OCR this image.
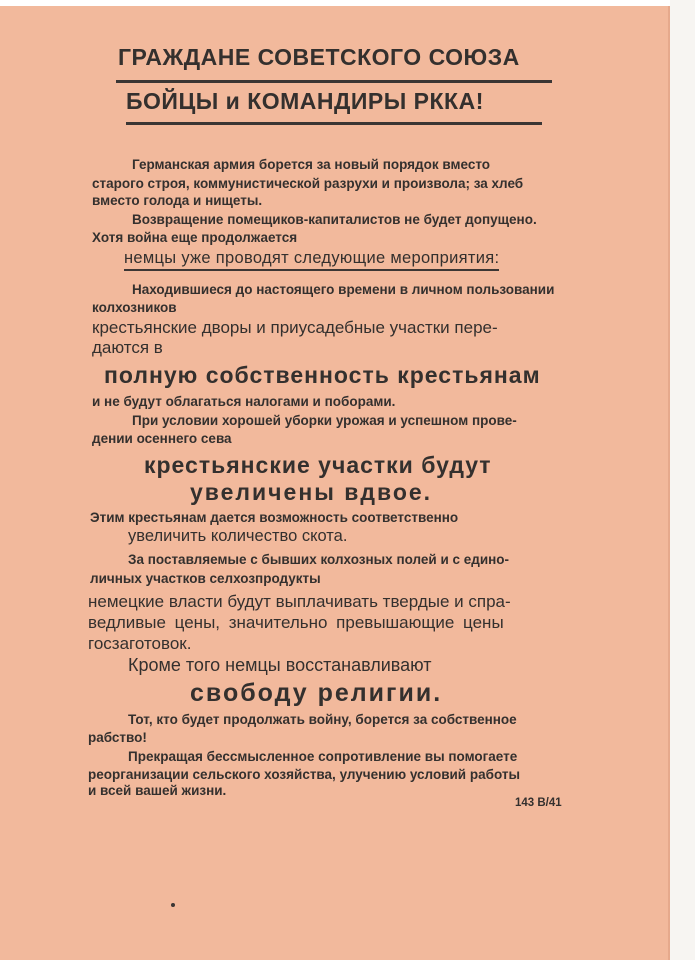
ГРАЖДАНЕ СОВЕТСКОГО СОЮЗА
БОЙЦЫ и КОМАНДИРЫ РККА!
Германская армия борется за новый порядок вместо
старого строя, коммунистической разрухи и произвола; за хлеб
вместо голода и нищеты.
Возвращение помещиков-капиталистов не будет допущено.
Хотя война еще продолжается
немцы уже проводят следующие мероприятия:
Находившиеся до настоящего времени в личном пользовании
колхозников
крестьянские дворы и приусадебные участки пере-
даются в
полную собственность крестьянам
и не будут облагаться налогами и поборами.
При условии хорошей уборки урожая и успешном прове-
дении осеннего сева
крестьянские участки будут
увеличены вдвое.
Этим крестьянам дается возможность соответственно
увеличить количество скота.
За поставляемые с бывших колхозных полей и с едино-
личных участков селхозпродукты
немецкие власти будут выплачивать твердые и спра-
ведливые цены, значительно превышающие цены
госзаготовок.
Кроме того немцы восстанавливают
свободу религии.
Тот, кто будет продолжать войну, борется за собственное
рабство!
Прекращая бессмысленное сопротивление вы помогаете
реорганизации сельского хозяйства, улучению условий работы
и всей вашей жизни.
143 В/41
